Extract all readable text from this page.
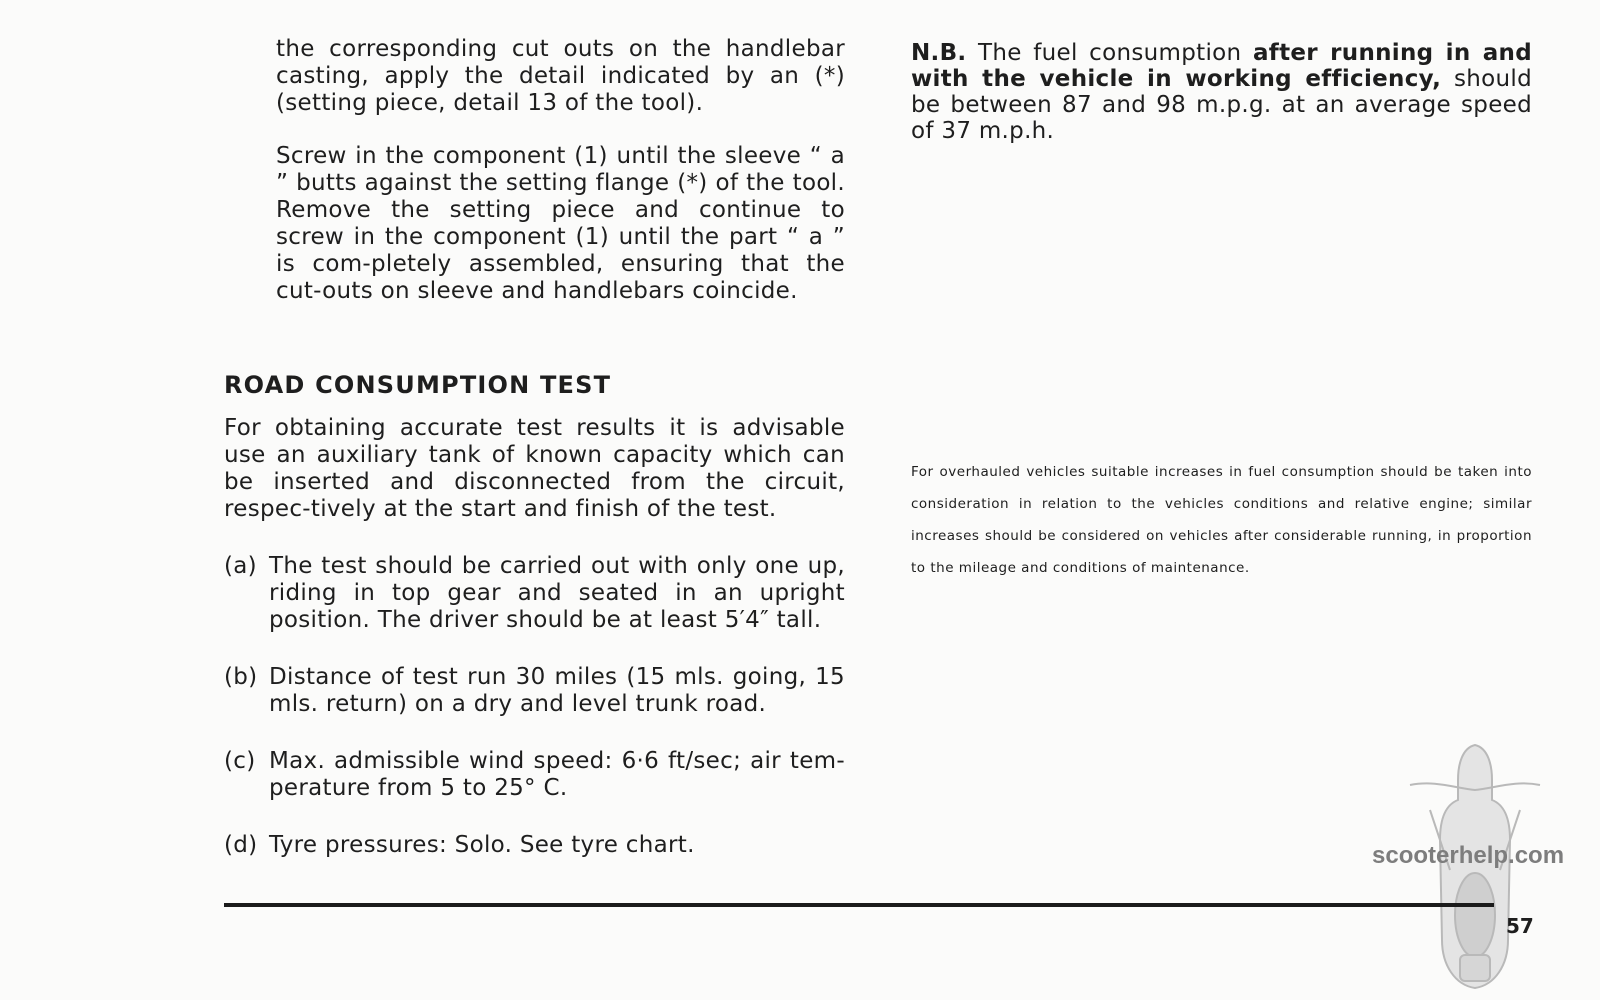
the corresponding cut outs on the handlebar casting, apply the detail indicated by an (*) (setting piece, detail 13 of the tool).

Screw in the component (1) until the sleeve “ a ” butts against the setting flange (*) of the tool. Remove the setting piece and continue to screw in the component (1) until the part “ a ” is com-pletely assembled, ensuring that the cut-outs on sleeve and handlebars coincide.

ROAD CONSUMPTION TEST

For obtaining accurate test results it is advisable use an auxiliary tank of known capacity which can be inserted and disconnected from the circuit, respec-tively at the start and finish of the test.

(a) The test should be carried out with only one up, riding in top gear and seated in an upright position. The driver should be at least 5′4″ tall.
(b) Distance of test run 30 miles (15 mls. going, 15 mls. return) on a dry and level trunk road.
(c) Max. admissible wind speed: 6·6 ft/sec; air tem-perature from 5 to 25° C.
(d) Tyre pressures: Solo. See tyre chart.

N.B. The fuel consumption after running in and with the vehicle in working efficiency, should be between 87 and 98 m.p.g. at an average speed of 37 m.p.h.

For overhauled vehicles suitable increases in fuel consumption should be taken into consideration in relation to the vehicles conditions and relative engine; similar increases should be considered on vehicles after considerable running, in proportion to the mileage and conditions of maintenance.

scooterhelp.com
57
